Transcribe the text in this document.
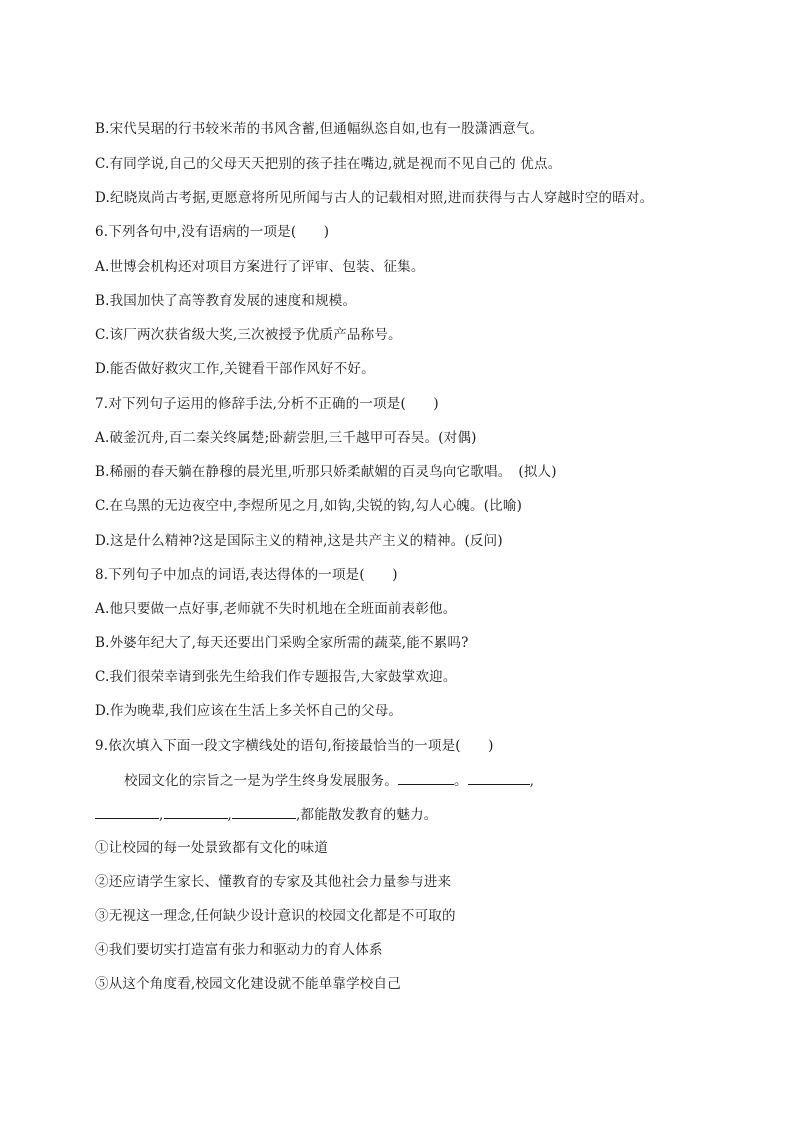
B.宋代吴琚的行书较米芾的书风含蓄,但通幅纵恣自如,也有一股潇洒意气。
C.有同学说,自己的父母天天把别的孩子挂在嘴边,就是视而不见自己的 优点。
D.纪晓岚尚古考据,更愿意将所见所闻与古人的记载相对照,进而获得与古人穿越时空的晤对。
6.下列各句中,没有语病的一项是(　　)
A.世博会机构还对项目方案进行了评审、包装、征集。
B.我国加快了高等教育发展的速度和规模。
C.该厂两次获省级大奖,三次被授予优质产品称号。
D.能否做好救灾工作,关键看干部作风好不好。
7.对下列句子运用的修辞手法,分析不正确的一项是(　　)
A.破釜沉舟,百二秦关终属楚;卧薪尝胆,三千越甲可吞吴。(对偶)
B.稀丽的春天躺在静穆的晨光里,听那只娇柔献媚的百灵鸟向它歌唱。　(拟人)
C.在乌黑的无边夜空中,李煜所见之月,如钩,尖锐的钩,勾人心魄。(比喻)
D.这是什么精神?这是国际主义的精神,这是共产主义的精神。(反问)
8.下列句子中加点的词语,表达得体的一项是(　　)
A.他只要做一点好事,老师就不失时机地在全班面前表彰他。
B.外婆年纪大了,每天还要出门采购全家所需的蔬菜,能不累吗?
C.我们很荣幸请到张先生给我们作专题报告,大家鼓掌欢迎。
D.作为晚辈,我们应该在生活上多关怀自己的父母。
9.依次填入下面一段文字横线处的语句,衔接最恰当的一项是(　　)
校园文化的宗旨之一是为学生终身发展服务。	。	,
,	,	,都能散发教育的魅力。
①让校园的每一处景致都有文化的味道
②还应请学生家长、懂教育的专家及其他社会力量参与进来
③无视这一理念,任何缺少设计意识的校园文化都是不可取的
④我们要切实打造富有张力和驱动力的育人体系
⑤从这个角度看,校园文化建设就不能单靠学校自己
